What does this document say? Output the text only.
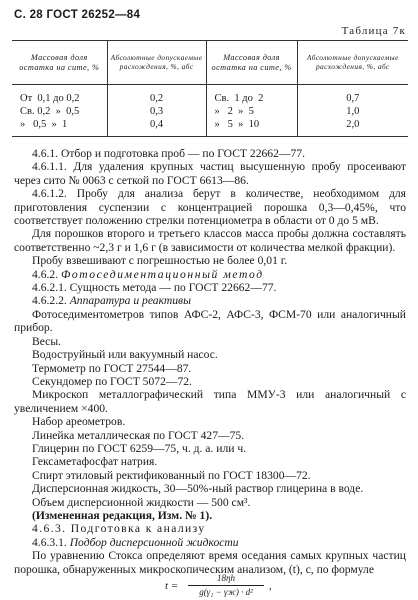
С. 28 ГОСТ 26252—84
Таблица 7к
Массовая доля остатка на сите, %	Абсолютные допускаемые расхождения, %, абс	Массовая доля остатка на сите, %	Абсолютные допускаемые расхождения, %, абс
От  0,1 до 0,2	0,2	Св.  1 до  2	0,7
Св. 0,2  »  0,5	0,3	»   2  »  5	1,0
»   0,5  »  1	0,4	»   5  »  10	2,0

4.6.1. Отбор и подготовка проб — по ГОСТ 22662—77.

4.6.1.1. Для удаления крупных частиц высушенную пробу просеивают через сито № 0063 с сеткой по ГОСТ 6613—86.

4.6.1.2. Пробу для анализа берут в количестве, необходимом для приготовления суспензии с концентрацией порошка 0,3—0,45%, что соответствует положению стрелки потенциометра в области от 0 до 5 мВ.

Для порошков второго и третьего классов масса пробы должна составлять соответственно ~2,3 г и 1,6 г (в зависимости от количества мелкой фракции).

Пробу взвешивают с погрешностью не более 0,01 г.

4.6.2. Фотоседиментационный метод

4.6.2.1. Сущность метода — по ГОСТ 22662—77.

4.6.2.2. Аппаратура и реактивы

Фотоседиментометров типов АФС-2, АФС-3, ФСМ-70 или аналогичный прибор.

Весы.

Водоструйный или вакуумный насос.

Термометр по ГОСТ 27544—87.

Секундомер по ГОСТ 5072—72.

Микроскоп металлографический типа ММУ-3 или аналогичный с увеличением ×400.

Набор ареометров.

Линейка металлическая по ГОСТ 427—75.

Глицерин по ГОСТ 6259—75, ч. д. а. или ч.

Гексаметафосфат натрия.

Спирт этиловый ректификованный по ГОСТ 18300—72.

Дисперсионная жидкость, 30—50%-ный раствор глицерина в воде.

Объем дисперсионной жидкости — 500 см³.

(Измененная редакция, Изм. № 1).

4.6.3. Подготовка к анализу

4.6.3.1. Подбор дисперсионной жидкости

По уравнению Стокса определяют время оседания самых крупных частиц порошка, обнаруженных микроскопическим анализом, (t), с, по формуле

t =
18ηh
g(γ₁ − γж) · d²	,
